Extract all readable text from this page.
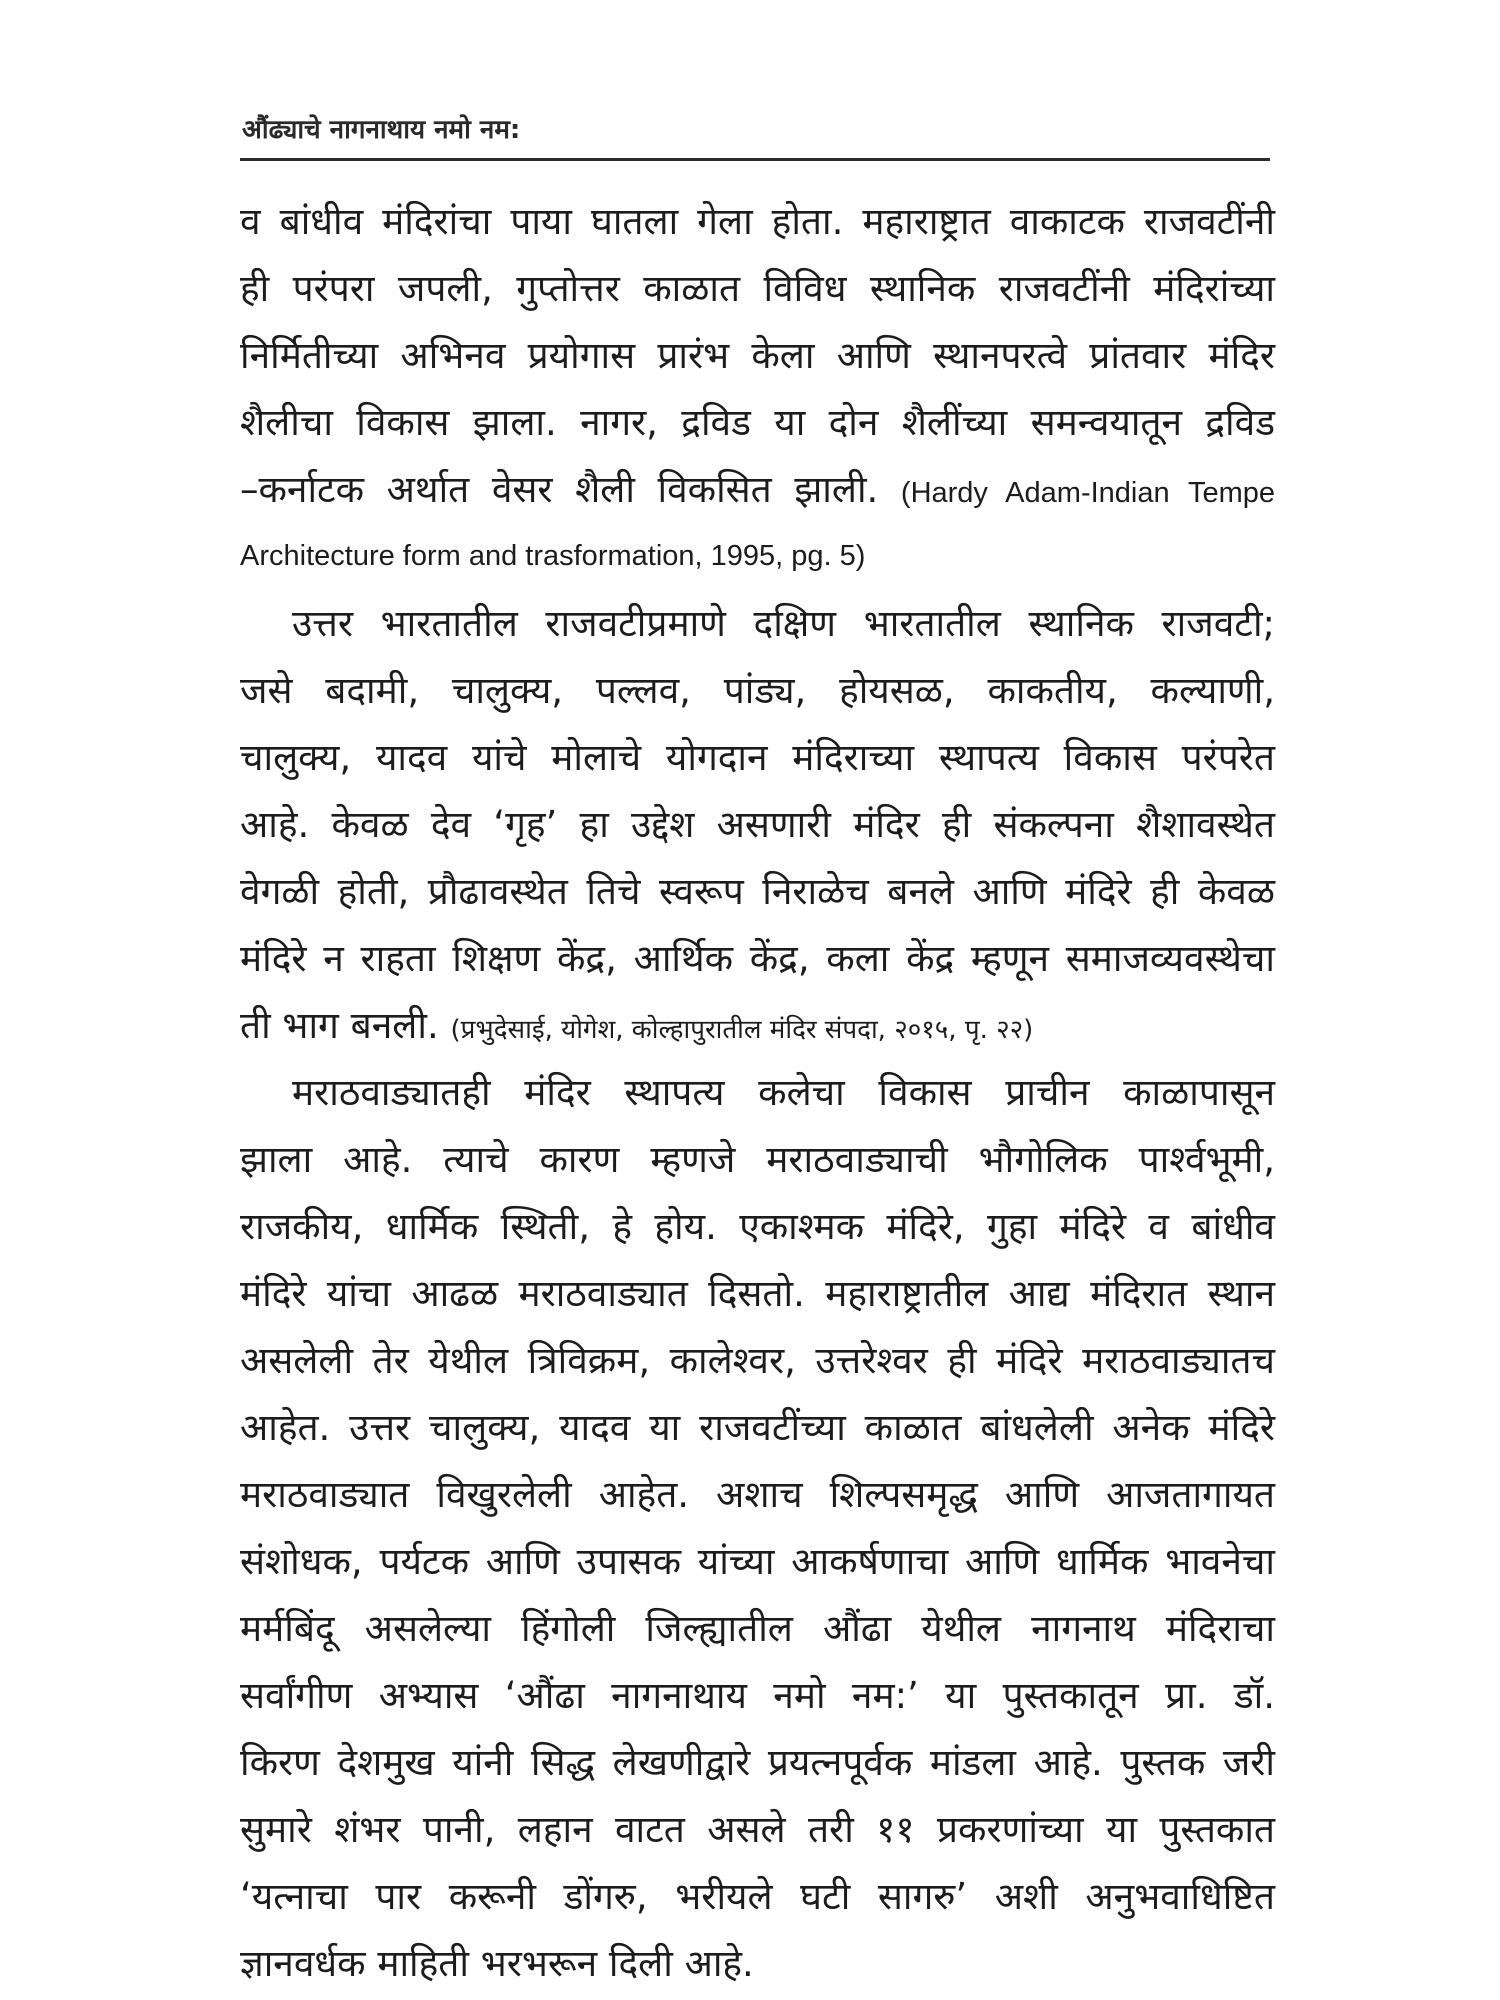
औंढ्याचे नागनाथाय नमो नम:
व बांधीव मंदिरांचा पाया घातला गेला होता. महाराष्ट्रात वाकाटक राजवटींनी
ही परंपरा जपली, गुप्तोत्तर काळात विविध स्थानिक राजवटींनी मंदिरांच्या
निर्मितीच्या अभिनव प्रयोगास प्रारंभ केला आणि स्थानपरत्वे प्रांतवार मंदिर
शैलीचा विकास झाला. नागर, द्रविड या दोन शैलींच्या समन्वयातून द्रविड
–कर्नाटक अर्थात वेसर शैली विकसित झाली. (Hardy Adam-Indian Tempe
Architecture form and trasformation, 1995, pg. 5)
उत्तर भारतातील राजवटीप्रमाणे दक्षिण भारतातील स्थानिक राजवटी;
जसे बदामी, चालुक्य, पल्लव, पांड्य, होयसळ, काकतीय, कल्याणी,
चालुक्य, यादव यांचे मोलाचे योगदान मंदिराच्या स्थापत्य विकास परंपरेत
आहे. केवळ देव ‘गृह’ हा उद्देश असणारी मंदिर ही संकल्पना शैशावस्थेत
वेगळी होती, प्रौढावस्थेत तिचे स्वरूप निराळेच बनले आणि मंदिरे ही केवळ
मंदिरे न राहता शिक्षण केंद्र, आर्थिक केंद्र, कला केंद्र म्हणून समाजव्यवस्थेचा
ती भाग बनली. (प्रभुदेसाई, योगेश, कोल्हापुरातील मंदिर संपदा, २०१५, पृ. २२)
मराठवाड्यातही मंदिर स्थापत्य कलेचा विकास प्राचीन काळापासून
झाला आहे. त्याचे कारण म्हणजे मराठवाड्याची भौगोलिक पार्श्वभूमी,
राजकीय, धार्मिक स्थिती, हे होय. एकाश्मक मंदिरे, गुहा मंदिरे व बांधीव
मंदिरे यांचा आढळ मराठवाड्यात दिसतो. महाराष्ट्रातील आद्य मंदिरात स्थान
असलेली तेर येथील त्रिविक्रम, कालेश्वर, उत्तरेश्वर ही मंदिरे मराठवाड्यातच
आहेत. उत्तर चालुक्य, यादव या राजवटींच्या काळात बांधलेली अनेक मंदिरे
मराठवाड्यात विखुरलेली आहेत. अशाच शिल्पसमृद्ध आणि आजतागायत
संशोधक, पर्यटक आणि उपासक यांच्या आकर्षणाचा आणि धार्मिक भावनेचा
मर्मबिंदू असलेल्या हिंगोली जिल्ह्यातील औंढा येथील नागनाथ मंदिराचा
सर्वांगीण अभ्यास ‘औंढा नागनाथाय नमो नम:’ या पुस्तकातून प्रा. डॉ.
किरण देशमुख यांनी सिद्ध लेखणीद्वारे प्रयत्नपूर्वक मांडला आहे. पुस्तक जरी
सुमारे शंभर पानी, लहान वाटत असले तरी ११ प्रकरणांच्या या पुस्तकात
‘यत्नाचा पार करूनी डोंगरु, भरीयले घटी सागरु’ अशी अनुभवाधिष्टित
ज्ञानवर्धक माहिती भरभरून दिली आहे.
